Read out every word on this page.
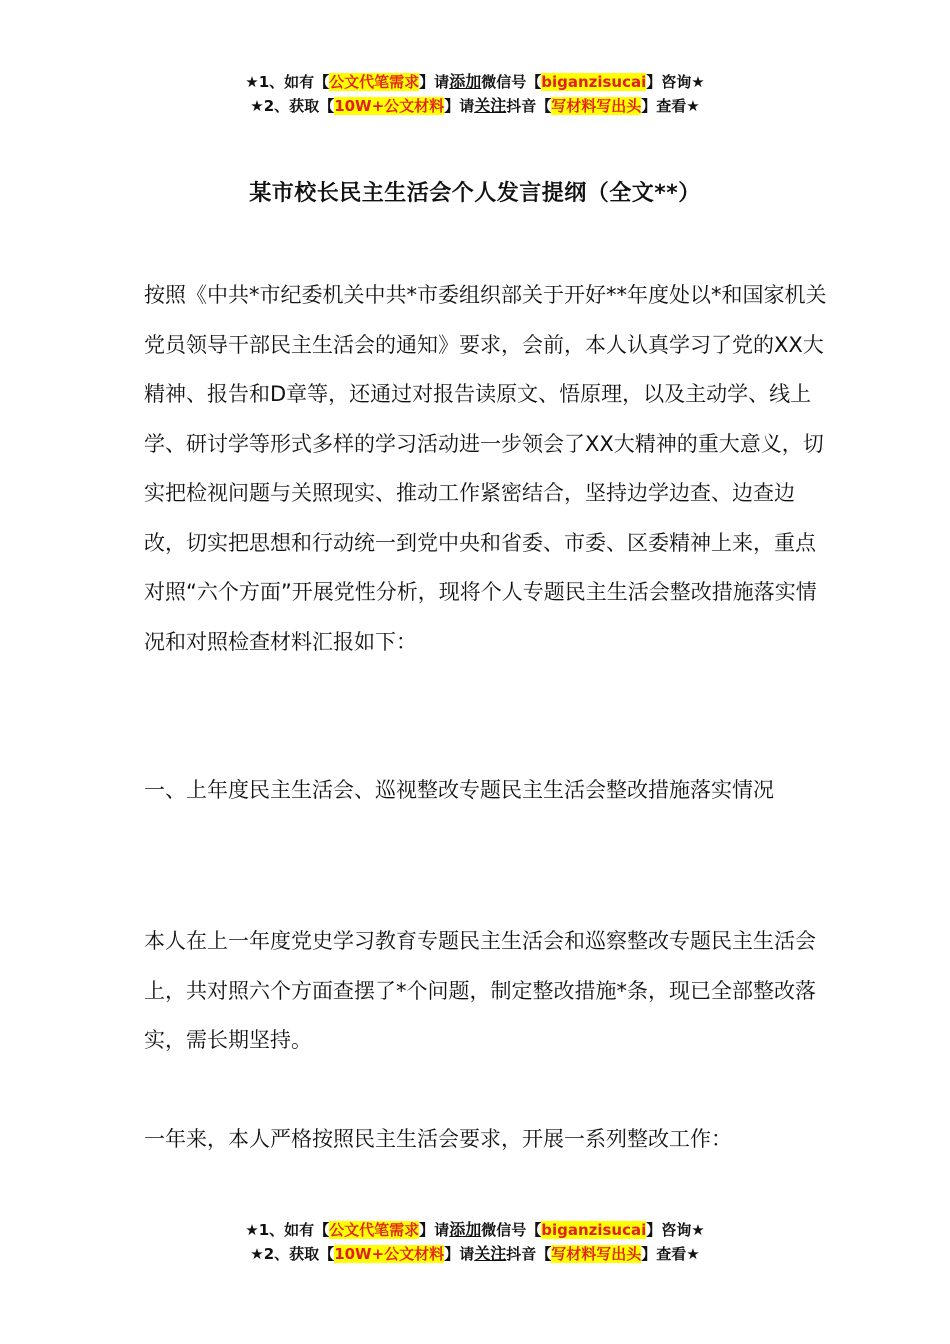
★1、如有【公文代笔需求】请添加微信号【biganzisucai】咨询★
★2、获取【10W+公文材料】请关注抖音【写材料写出头】查看★
某市校长民主生活会个人发言提纲（全文**）

按照《中共*市纪委机关中共*市委组织部关于开好**年度处以*和国家机关党员领导干部民主生活会的通知》要求，会前，本人认真学习了党的XX大精神、报告和D章等，还通过对报告读原文、悟原理，以及主动学、线上学、研讨学等形式多样的学习活动进一步领会了XX大精神的重大意义，切实把检视问题与关照现实、推动工作紧密结合，坚持边学边查、边查边改，切实把思想和行动统一到党中央和省委、市委、区委精神上来，重点对照“六个方面”开展党性分析，现将个人专题民主生活会整改措施落实情况和对照检查材料汇报如下：

一、上年度民主生活会、巡视整改专题民主生活会整改措施落实情况

本人在上一年度党史学习教育专题民主生活会和巡察整改专题民主生活会上，共对照六个方面查摆了*个问题，制定整改措施*条，现已全部整改落实，需长期坚持。

一年来，本人严格按照民主生活会要求，开展一系列整改工作：

★1、如有【公文代笔需求】请添加微信号【biganzisucai】咨询★
★2、获取【10W+公文材料】请关注抖音【写材料写出头】查看★
